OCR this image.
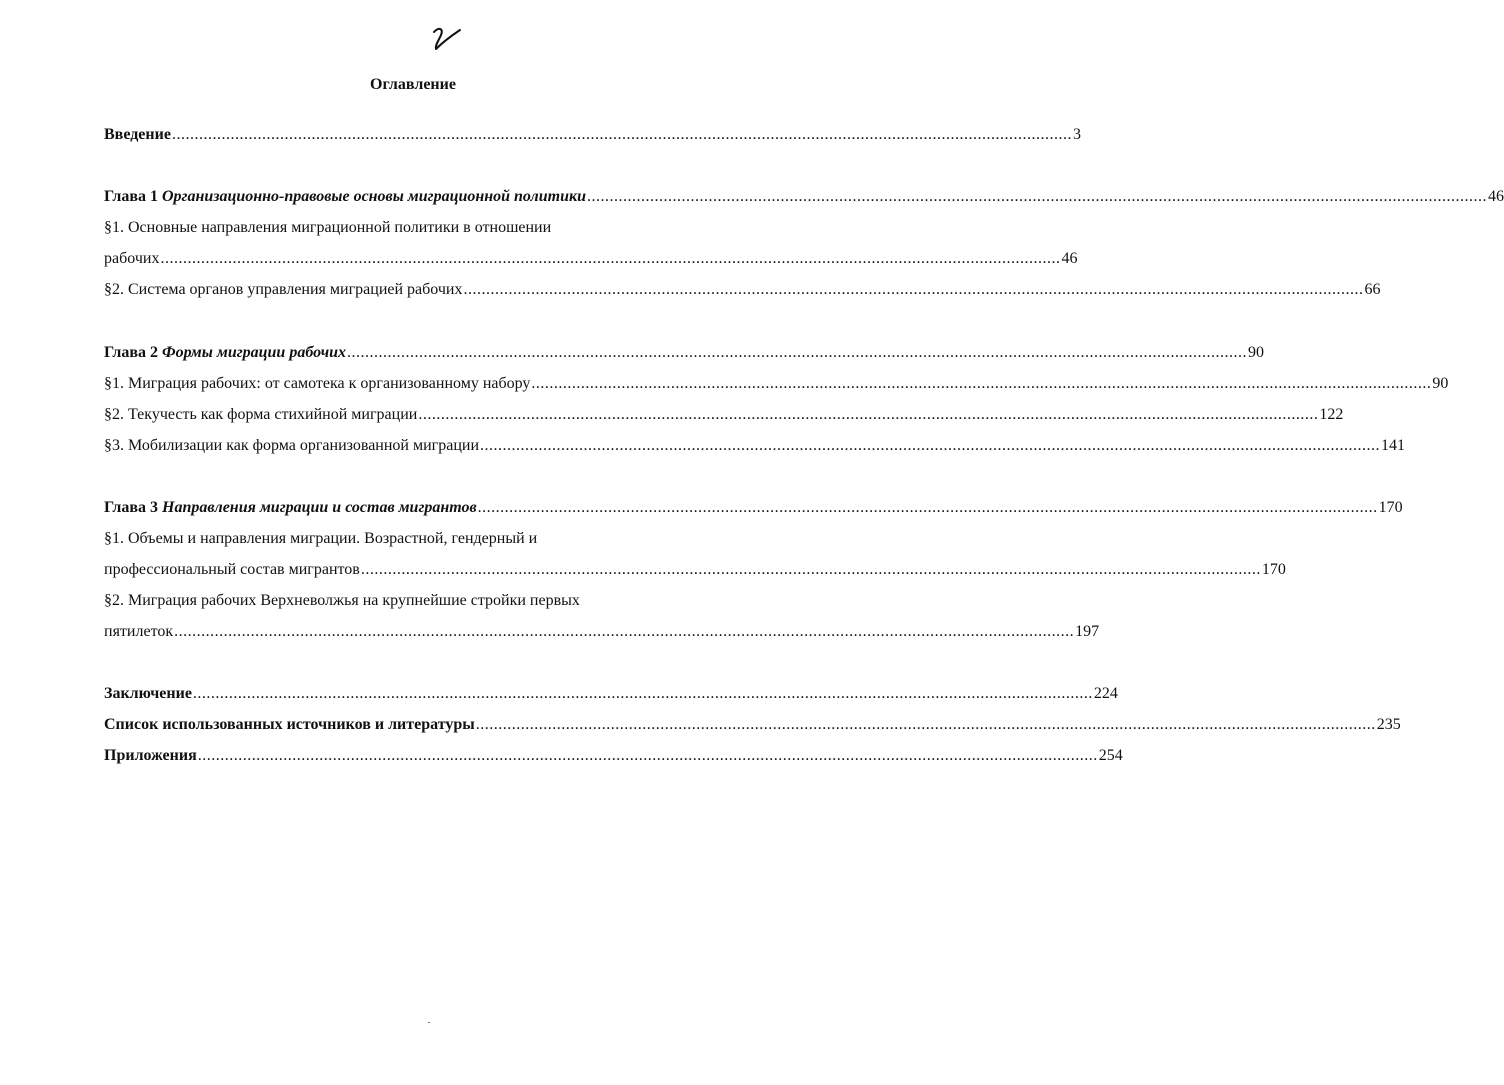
Оглавление
Введение ........................................................................................................................................................................................................ 3
Глава 1 Организационно-правовые основы миграционной политики ........................................................................................................................................................................................................ 46
§1. Основные направления миграционной политики в отношении
рабочих ........................................................................................................................................................................................................ 46
§2. Система органов управления миграцией рабочих ........................................................................................................................................................................................................ 66
Глава 2 Формы миграции рабочих ........................................................................................................................................................................................................ 90
§1. Миграция рабочих: от самотека к организованному набору ........................................................................................................................................................................................................ 90
§2. Текучесть как форма стихийной миграции ........................................................................................................................................................................................................ 122
§3. Мобилизации как форма организованной миграции ........................................................................................................................................................................................................ 141
Глава 3 Направления миграции и состав мигрантов ........................................................................................................................................................................................................ 170
§1. Объемы и направления миграции. Возрастной, гендерный и
профессиональный состав мигрантов ........................................................................................................................................................................................................ 170
§2. Миграция рабочих Верхневолжья на крупнейшие стройки первых
пятилеток ........................................................................................................................................................................................................ 197
Заключение ........................................................................................................................................................................................................ 224
Список использованных источников и литературы ........................................................................................................................................................................................................ 235
Приложения ........................................................................................................................................................................................................ 254
